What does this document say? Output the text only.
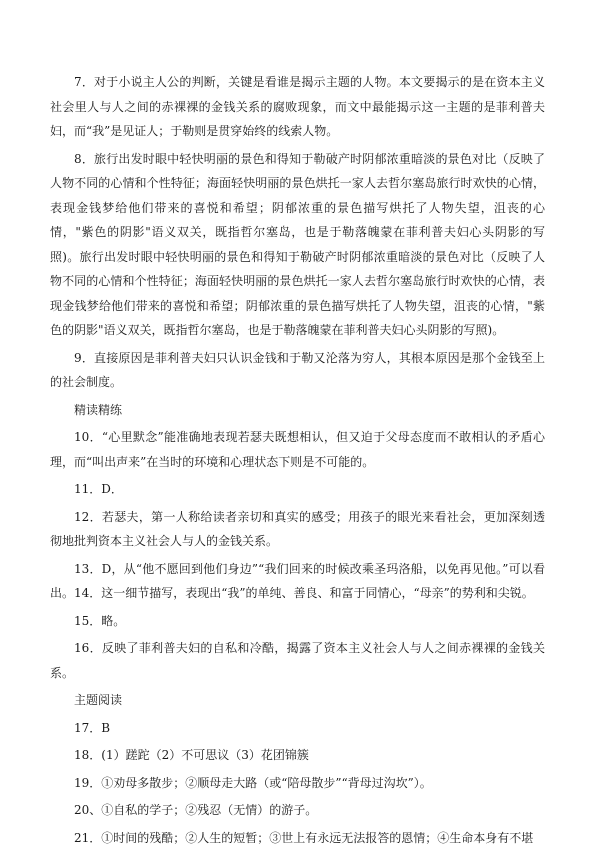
7．对于小说主人公的判断，关键是看谁是揭示主题的人物。本文要揭示的是在资本主义社会里人与人之间的赤裸裸的金钱关系的腐败现象，而文中最能揭示这一主题的是菲利普夫妇，而“我”是见证人；于勒则是贯穿始终的线索人物。

8．旅行出发时眼中轻快明丽的景色和得知于勒破产时阴郁浓重暗淡的景色对比（反映了人物不同的心情和个性特征；海面轻快明丽的景色烘托一家人去哲尔塞岛旅行时欢快的心情，表现金钱梦给他们带来的喜悦和希望；阴郁浓重的景色描写烘托了人物失望，沮丧的心情，"紫色的阴影"语义双关，既指哲尔塞岛，也是于勒落魄蒙在菲利普夫妇心头阴影的写照)。旅行出发时眼中轻快明丽的景色和得知于勒破产时阴郁浓重暗淡的景色对比（反映了人物不同的心情和个性特征；海面轻快明丽的景色烘托一家人去哲尔塞岛旅行时欢快的心情，表现金钱梦给他们带来的喜悦和希望；阴郁浓重的景色描写烘托了人物失望，沮丧的心情，"紫色的阴影"语义双关，既指哲尔塞岛，也是于勒落魄蒙在菲利普夫妇心头阴影的写照)。

9．直接原因是菲利普夫妇只认识金钱和于勒又沦落为穷人，其根本原因是那个金钱至上的社会制度。

精读精练

10．“心里默念”能准确地表现若瑟夫既想相认，但又迫于父母态度而不敢相认的矛盾心理，而“叫出声来”在当时的环境和心理状态下则是不可能的。

11．D．

12．若瑟夫，第一人称给读者亲切和真实的感受；用孩子的眼光来看社会，更加深刻透彻地批判资本主义社会人与人的金钱关系。

13．D，从“他不愿回到他们身边”“我们回来的时候改乘圣玛洛船，以免再见他。”可以看出。14．这一细节描写，表现出“我”的单纯、善良、和富于同情心，“母亲”的势利和尖锐。

15．略。

16．反映了菲利普夫妇的自私和冷酷，揭露了资本主义社会人与人之间赤裸裸的金钱关系。

主题阅读

17．B

18．(1）蹉跎（2）不可思议（3）花团锦簇

19．①劝母多散步；②顺母走大路（或“陪母散步”“背母过沟坎”）。

20、①自私的学子；②残忍（无情）的游子。

21．①时间的残酷；②人生的短暂；③世上有永远无法报答的恩情；④生命本身有不堪
